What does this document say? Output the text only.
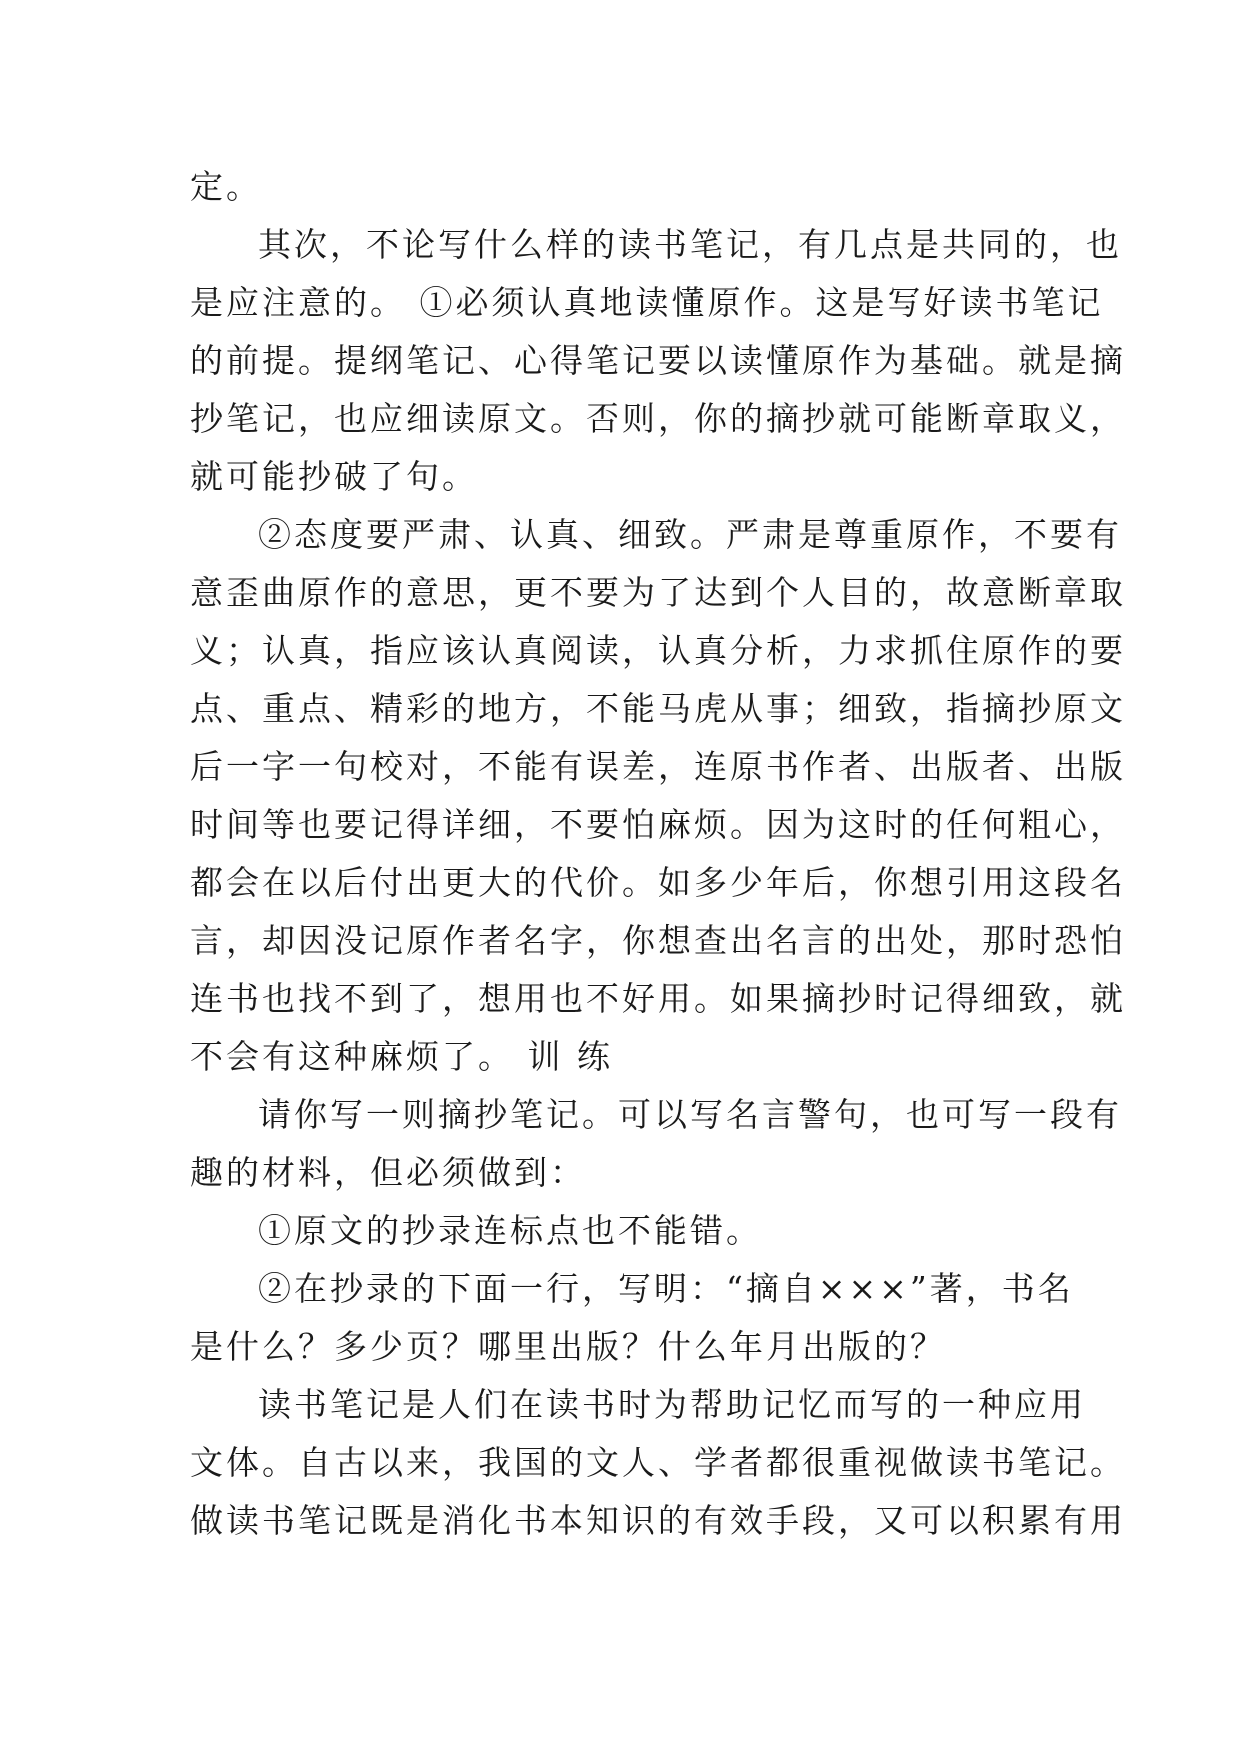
定。
其次，不论写什么样的读书笔记，有几点是共同的，也
是应注意的。 ①必须认真地读懂原作。这是写好读书笔记
的前提。提纲笔记、心得笔记要以读懂原作为基础。就是摘
抄笔记，也应细读原文。否则，你的摘抄就可能断章取义，
就可能抄破了句。
②态度要严肃、认真、细致。严肃是尊重原作，不要有
意歪曲原作的意思，更不要为了达到个人目的，故意断章取
义；认真，指应该认真阅读，认真分析，力求抓住原作的要
点、重点、精彩的地方，不能马虎从事；细致，指摘抄原文
后一字一句校对，不能有误差，连原书作者、出版者、出版
时间等也要记得详细，不要怕麻烦。因为这时的任何粗心，
都会在以后付出更大的代价。如多少年后，你想引用这段名
言，却因没记原作者名字，你想查出名言的出处，那时恐怕
连书也找不到了，想用也不好用。如果摘抄时记得细致，就
不会有这种麻烦了。 训 练
请你写一则摘抄笔记。可以写名言警句，也可写一段有
趣的材料，但必须做到：
①原文的抄录连标点也不能错。
②在抄录的下面一行，写明：“摘自×××”著，书名
是什么？多少页？哪里出版？什么年月出版的？
读书笔记是人们在读书时为帮助记忆而写的一种应用
文体。自古以来，我国的文人、学者都很重视做读书笔记。
做读书笔记既是消化书本知识的有效手段，又可以积累有用
